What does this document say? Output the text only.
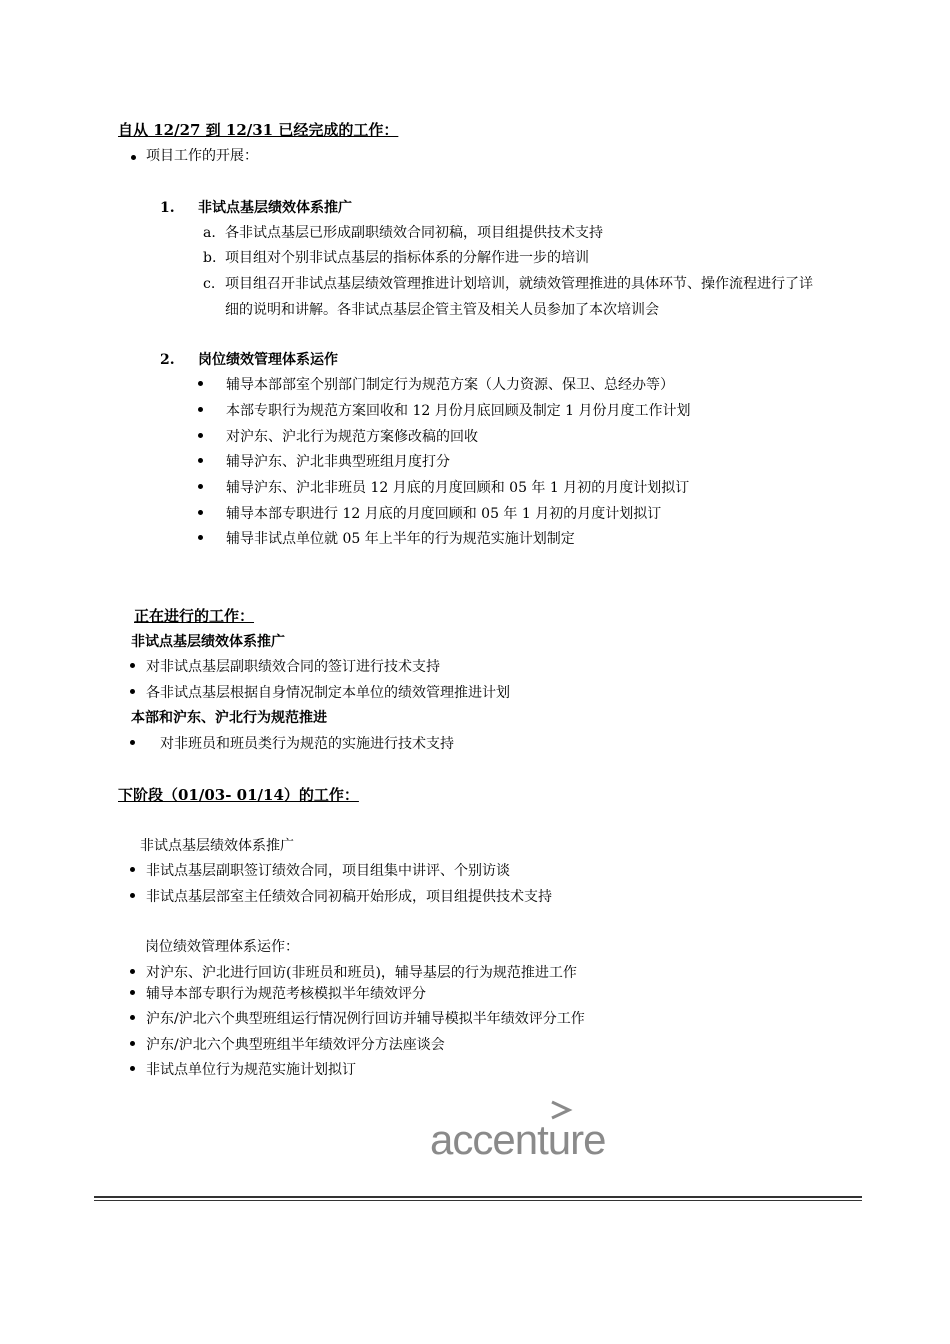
自从 12/27 到 12/31 已经完成的工作：
项目工作的开展：
1. 非试点基层绩效体系推广
a. 各非试点基层已形成副职绩效合同初稿，项目组提供技术支持
b. 项目组对个别非试点基层的指标体系的分解作进一步的培训
c. 项目组召开非试点基层绩效管理推进计划培训，就绩效管理推进的具体环节、操作流程进行了详细的说明和讲解。各非试点基层企管主管及相关人员参加了本次培训会
2. 岗位绩效管理体系运作
辅导本部部室个别部门制定行为规范方案（人力资源、保卫、总经办等）
本部专职行为规范方案回收和 12 月份月底回顾及制定 1 月份月度工作计划
对沪东、沪北行为规范方案修改稿的回收
辅导沪东、沪北非典型班组月度打分
辅导沪东、沪北非班员 12 月底的月度回顾和 05 年 1 月初的月度计划拟订
辅导本部专职进行 12 月底的月度回顾和 05 年 1 月初的月度计划拟订
辅导非试点单位就 05 年上半年的行为规范实施计划制定
正在进行的工作：
非试点基层绩效体系推广
对非试点基层副职绩效合同的签订进行技术支持
各非试点基层根据自身情况制定本单位的绩效管理推进计划
本部和沪东、沪北行为规范推进
对非班员和班员类行为规范的实施进行技术支持
下阶段（01/03- 01/14）的工作：
非试点基层绩效体系推广
非试点基层副职签订绩效合同，项目组集中讲评、个别访谈
非试点基层部室主任绩效合同初稿开始形成，项目组提供技术支持
岗位绩效管理体系运作：
对沪东、沪北进行回访(非班员和班员)，辅导基层的行为规范推进工作
辅导本部专职行为规范考核模拟半年绩效评分
沪东/沪北六个典型班组运行情况例行回访并辅导模拟半年绩效评分工作
沪东/沪北六个典型班组半年绩效评分方法座谈会
非试点单位行为规范实施计划拟订
accenture
